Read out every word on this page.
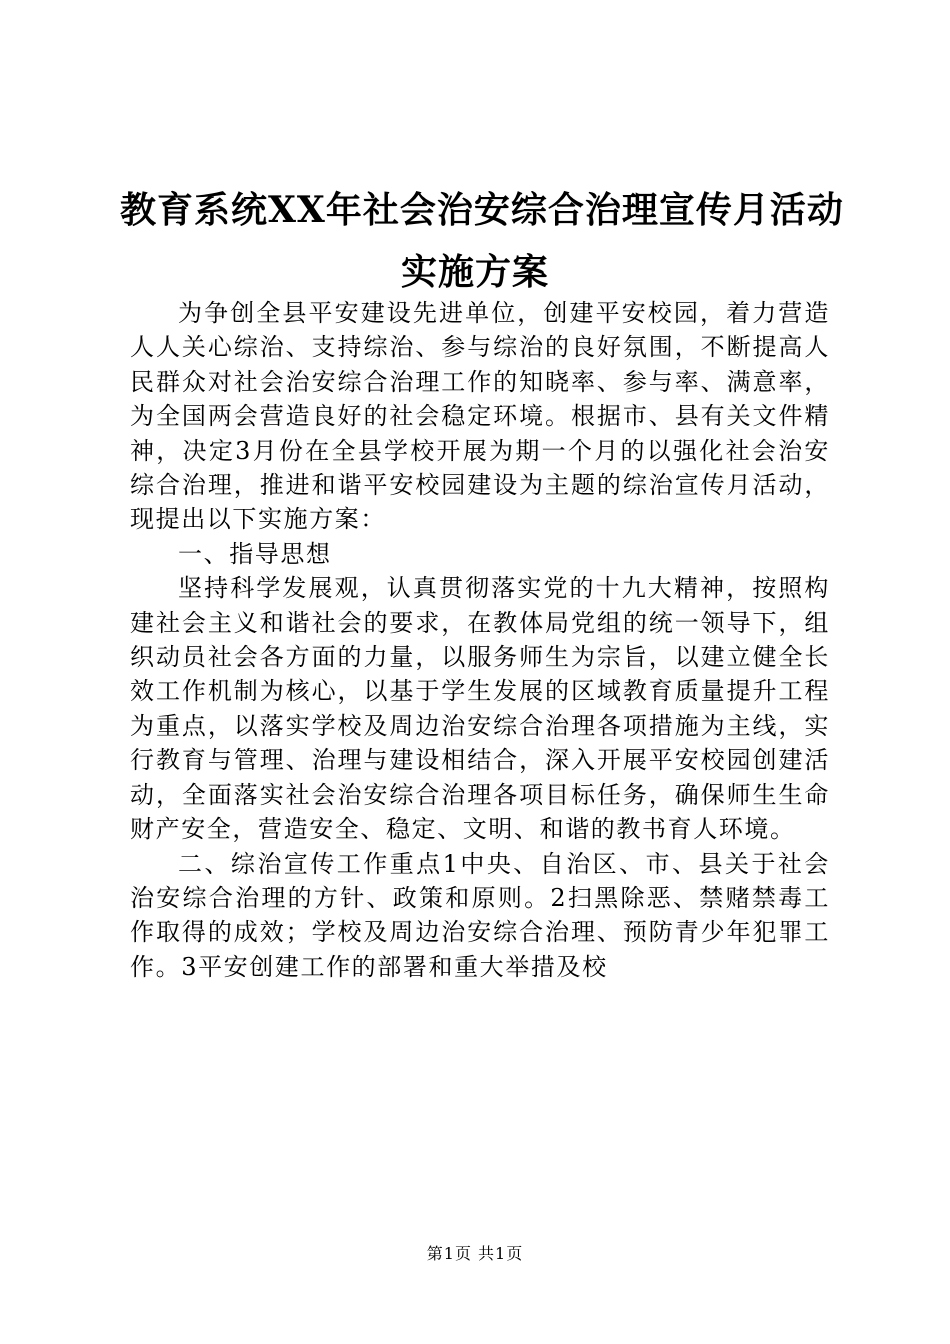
教育系统XX年社会治安综合治理宣传月活动
实施方案

为争创全县平安建设先进单位，创建平安校园，着力营造人人关心综治、支持综治、参与综治的良好氛围，不断提高人民群众对社会治安综合治理工作的知晓率、参与率、满意率，为全国两会营造良好的社会稳定环境。根据市、县有关文件精神，决定3月份在全县学校开展为期一个月的以强化社会治安综合治理，推进和谐平安校园建设为主题的综治宣传月活动，现提出以下实施方案：

一、指导思想

坚持科学发展观，认真贯彻落实党的十九大精神，按照构建社会主义和谐社会的要求，在教体局党组的统一领导下，组织动员社会各方面的力量，以服务师生为宗旨，以建立健全长效工作机制为核心，以基于学生发展的区域教育质量提升工程为重点，以落实学校及周边治安综合治理各项措施为主线，实行教育与管理、治理与建设相结合，深入开展平安校园创建活动，全面落实社会治安综合治理各项目标任务，确保师生生命财产安全，营造安全、稳定、文明、和谐的教书育人环境。

二、综治宣传工作重点1中央、自治区、市、县关于社会治安综合治理的方针、政策和原则。2扫黑除恶、禁赌禁毒工作取得的成效；学校及周边治安综合治理、预防青少年犯罪工作。3平安创建工作的部署和重大举措及校

第1页 共1页
